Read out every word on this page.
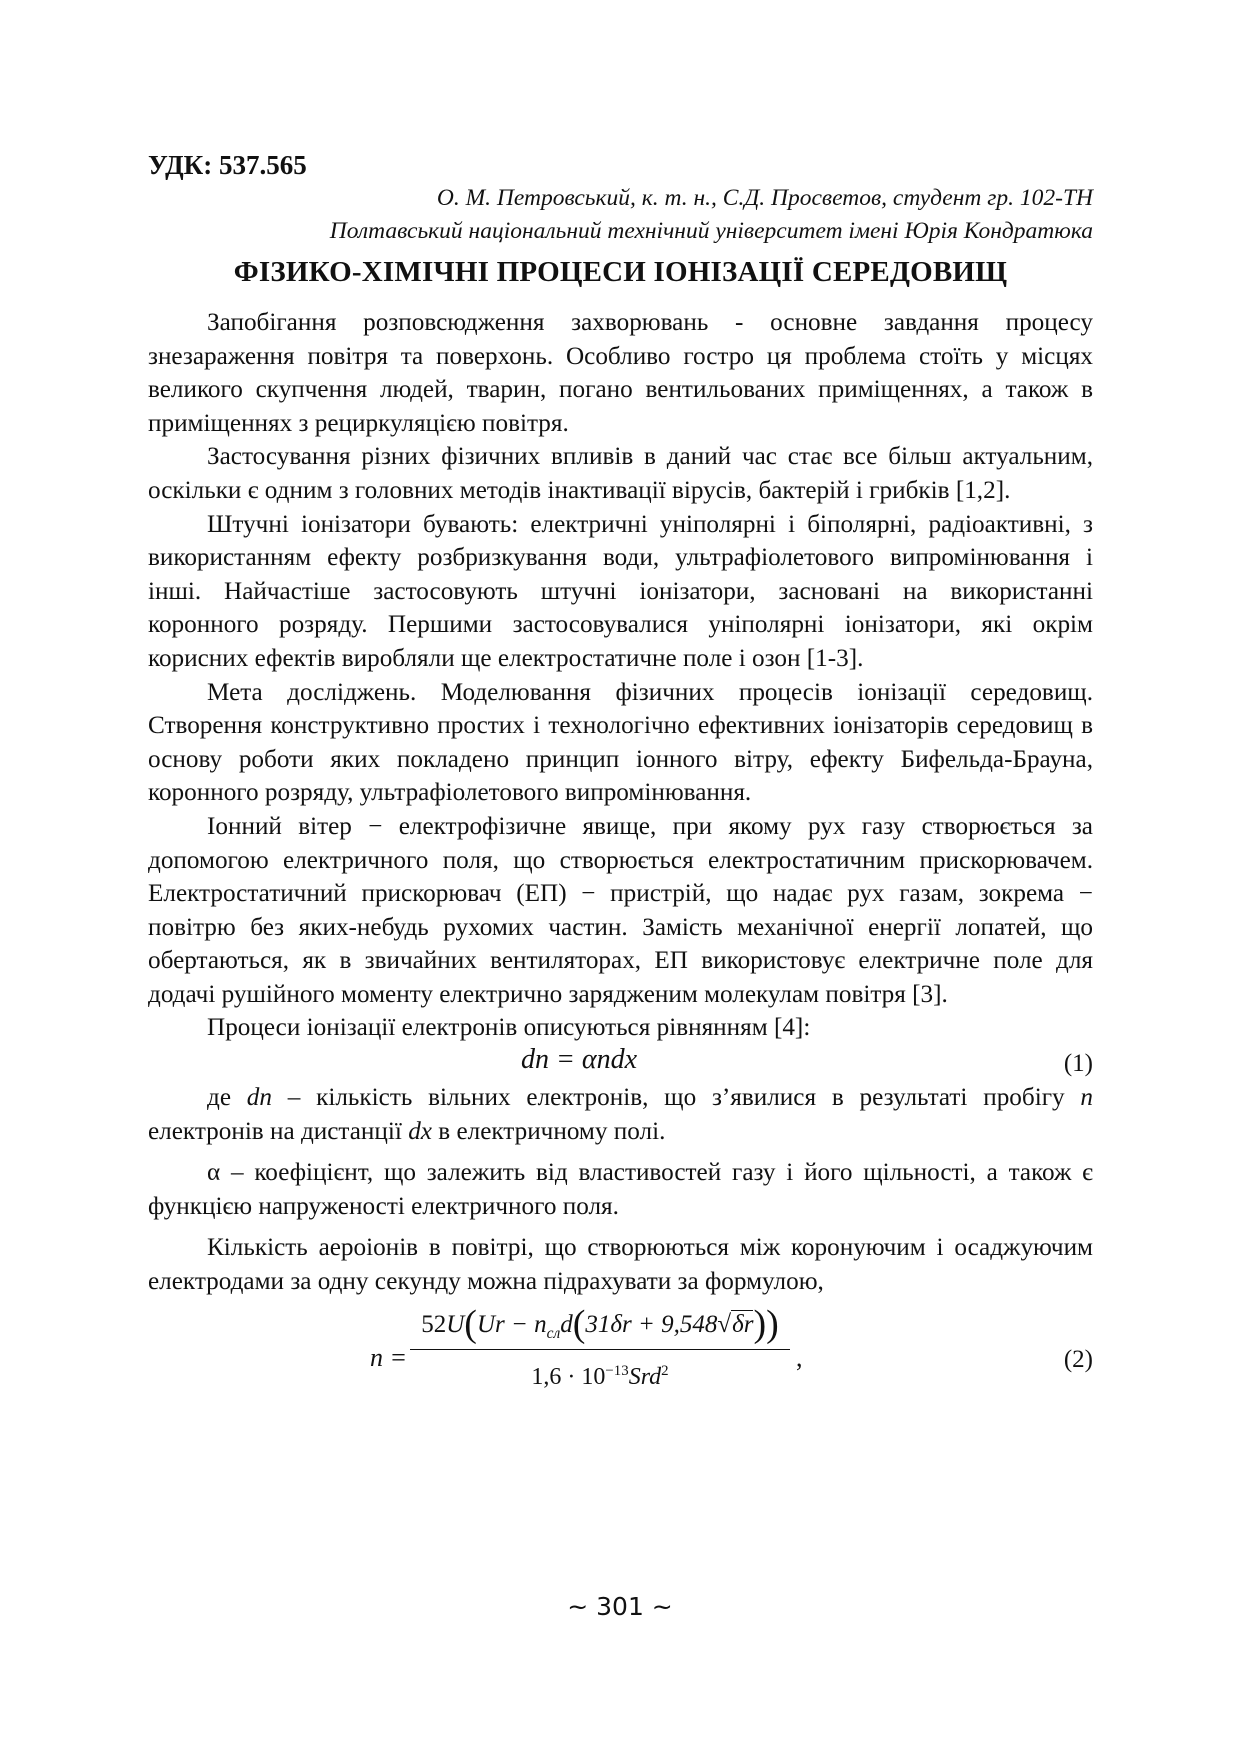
УДК: 537.565
О. М. Петровський, к. т. н., С.Д. Просветов, студент гр. 102-ТН
Полтавський національний технічний університет імені Юрія Кондратюка
ФІЗИКО-ХІМІЧНІ ПРОЦЕСИ ІОНІЗАЦІЇ СЕРЕДОВИЩ

Запобігання розповсюдження захворювань - основне завдання процесу знезараження повітря та поверхонь. Особливо гостро ця проблема стоїть у місцях великого скупчення людей, тварин, погано вентильованих приміщеннях, а також в приміщеннях з рециркуляцією повітря.

Застосування різних фізичних впливів в даний час стає все більш актуальним, оскільки є одним з головних методів інактивації вірусів, бактерій і грибків [1,2].

Штучні іонізатори бувають: електричні уніполярні і біполярні, радіоактивні, з використанням ефекту розбризкування води, ультрафіолетового випромінювання і інші. Найчастіше застосовують штучні іонізатори, засновані на використанні коронного розряду. Першими застосовувалися уніполярні іонізатори, які окрім корисних ефектів виробляли ще електростатичне поле і озон [1-3].

Мета досліджень. Моделювання фізичних процесів іонізації середовищ. Створення конструктивно простих і технологічно ефективних іонізаторів середовищ в основу роботи яких покладено принцип іонного вітру, ефекту Бифельда-Брауна, коронного розряду, ультрафіолетового випромінювання.

Іонний вітер − електрофізичне явище, при якому рух газу створюється за допомогою електричного поля, що створюється електростатичним прискорювачем. Електростатичний прискорювач (ЕП) − пристрій, що надає рух газам, зокрема − повітрю без яких-небудь рухомих частин. Замість механічної енергії лопатей, що обертаються, як в звичайних вентиляторах, ЕП використовує електричне поле для додачі рушійного моменту електрично зарядженим молекулам повітря [3].

Процеси іонізації електронів описуються рівнянням [4]:

dn = αndx	(1)

де dn – кількість вільних електронів, що з’явилися в результаті пробігу n електронів на дистанції dx в електричному полі.

α – коефіцієнт, що залежить від властивостей газу і його щільності, а також є функцією напруженості електричного поля.

Кількість аероіонів в повітрі, що створюються між коронуючим і осаджуючим електродами за одну секунду можна підрахувати за формулою,

n =
$52U(Ur - n_{сл}d(31\delta r + 9,548√\delta r))$
$1,6 \cdot 10^{-13}Srd^2$	,	(2)
~ 301 ~
